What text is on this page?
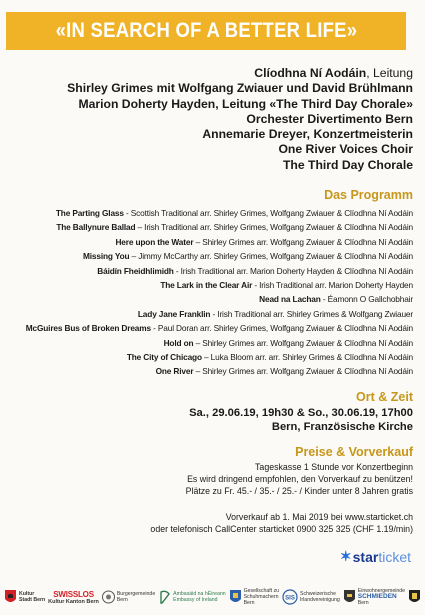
«IN SEARCH OF A BETTER LIFE»
Clíodhna Ní Aodáin, Leitung
Shirley Grimes mit Wolfgang Zwiauer und David Brühlmann
Marion Doherty Hayden, Leitung «The Third Day Chorale»
Orchester Divertimento Bern
Annemarie Dreyer, Konzertmeisterin
One River Voices Choir
The Third Day Chorale
Das Programm
The Parting Glass - Scottish Traditional arr. Shirley Grimes, Wolfgang Zwiauer & Clíodhna Ní Aodáin
The Ballynure Ballad – Irish Traditional arr. Shirley Grimes, Wolfgang Zwiauer & Clíodhna Ní Aodáin
Here upon the Water – Shirley Grimes arr. Wolfgang Zwiauer & Clíodhna Ní Aodáin
Missing You – Jimmy McCarthy arr. Shirley Grimes, Wolfgang Zwiauer & Clíodhna Ní Aodáin
Báidín Fheidhlimidh - Irish Traditional arr. Marion Doherty Hayden & Clíodhna Ní Aodáin
The Lark in the Clear Air - Irish Traditional arr. Marion Doherty Hayden
Nead na Lachan - Éamonn O Gallchobhair
Lady Jane Franklin - Irish Traditional arr. Shirley Grimes & Wolfgang Zwiauer
McGuires Bus of Broken Dreams - Paul Doran arr. Shirley Grimes, Wolfgang Zwiauer & Clíodhna Ní Aodáin
Hold on – Shirley Grimes arr. Wolfgang Zwiauer & Clíodhna Ní Aodáin
The City of Chicago – Luka Bloom arr. arr. Shirley Grimes & Clíodhna Ní Aodáin
One River – Shirley Grimes arr. Wolfgang Zwiauer & Clíodhna Ní Aodáin
Ort & Zeit
Sa., 29.06.19, 19h30 & So., 30.06.19, 17h00
Bern, Französische Kirche
Preise & Vorverkauf
Tageskasse 1 Stunde vor Konzertbeginn
Es wird dringend empfohlen, den Vorverkauf zu benützen!
Plätze zu Fr. 45.- / 35.- / 25.- / Kinder unter 8 Jahren gratis
Vorverkauf ab 1. Mai 2019 bei www.starticket.ch
oder telefonisch CallCenter starticket 0900 325 325 (CHF 1.19/min)
✶ star ticket
Kultur
Stadt Bern
SWISSLOS
Kultur Kanton Bern
Burgergemeinde
Bern
Ambasáid na hÉireann
Embassy of Ireland
Gesellschaft zu
Schuhmachern
Bern
SIS
Schweizerische
Irlandvereinigung
Einwohnergemeinde
SCHMIEDEN
Bern
